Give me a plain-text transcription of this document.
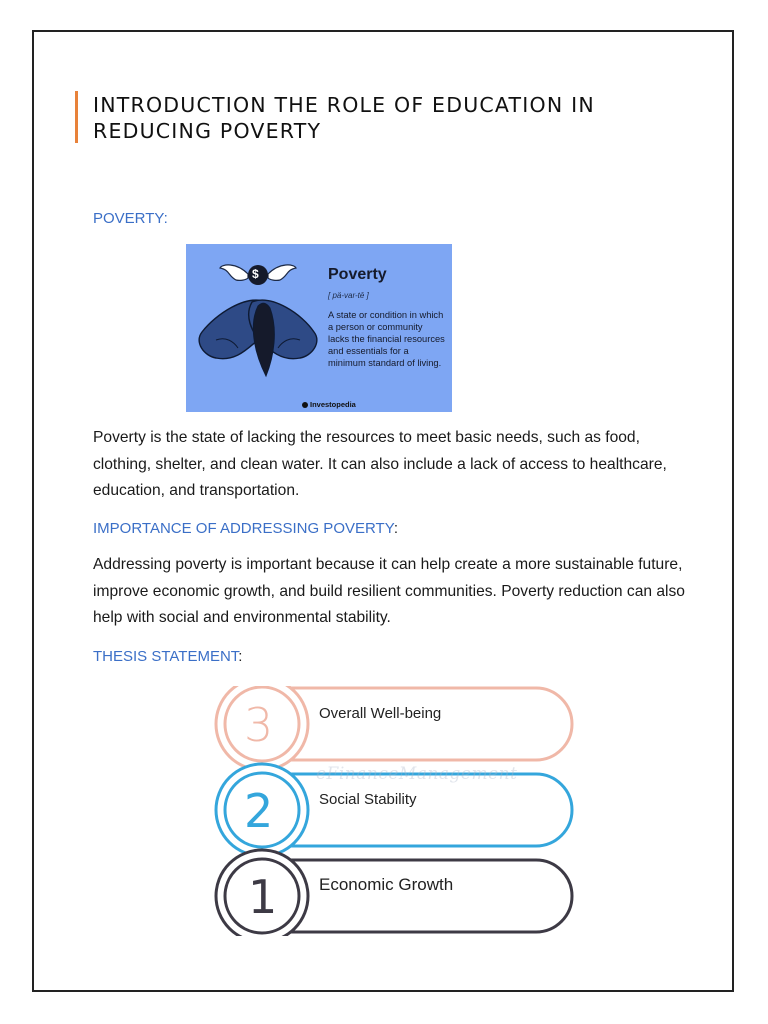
INTRODUCTION THE ROLE OF EDUCATION IN REDUCING POVERTY
POVERTY:
$	Poverty
[ pä-var-tē ]
A state or condition in which a person or community lacks the financial resources and essentials for a minimum standard of living.
Investopedia

Poverty is the state of lacking the resources to meet basic needs, such as food, clothing, shelter, and clean water. It can also include a lack of access to healthcare, education, and transportation.

IMPORTANCE OF ADDRESSING POVERTY:

Addressing poverty is important because it can help create a more sustainable future, improve economic growth, and build resilient communities. Poverty reduction can also help with social and environmental stability.

THESIS STATEMENT:
eFinanceManagement
3	Overall Well-being
2	Social Stability
1 Economic Growth
